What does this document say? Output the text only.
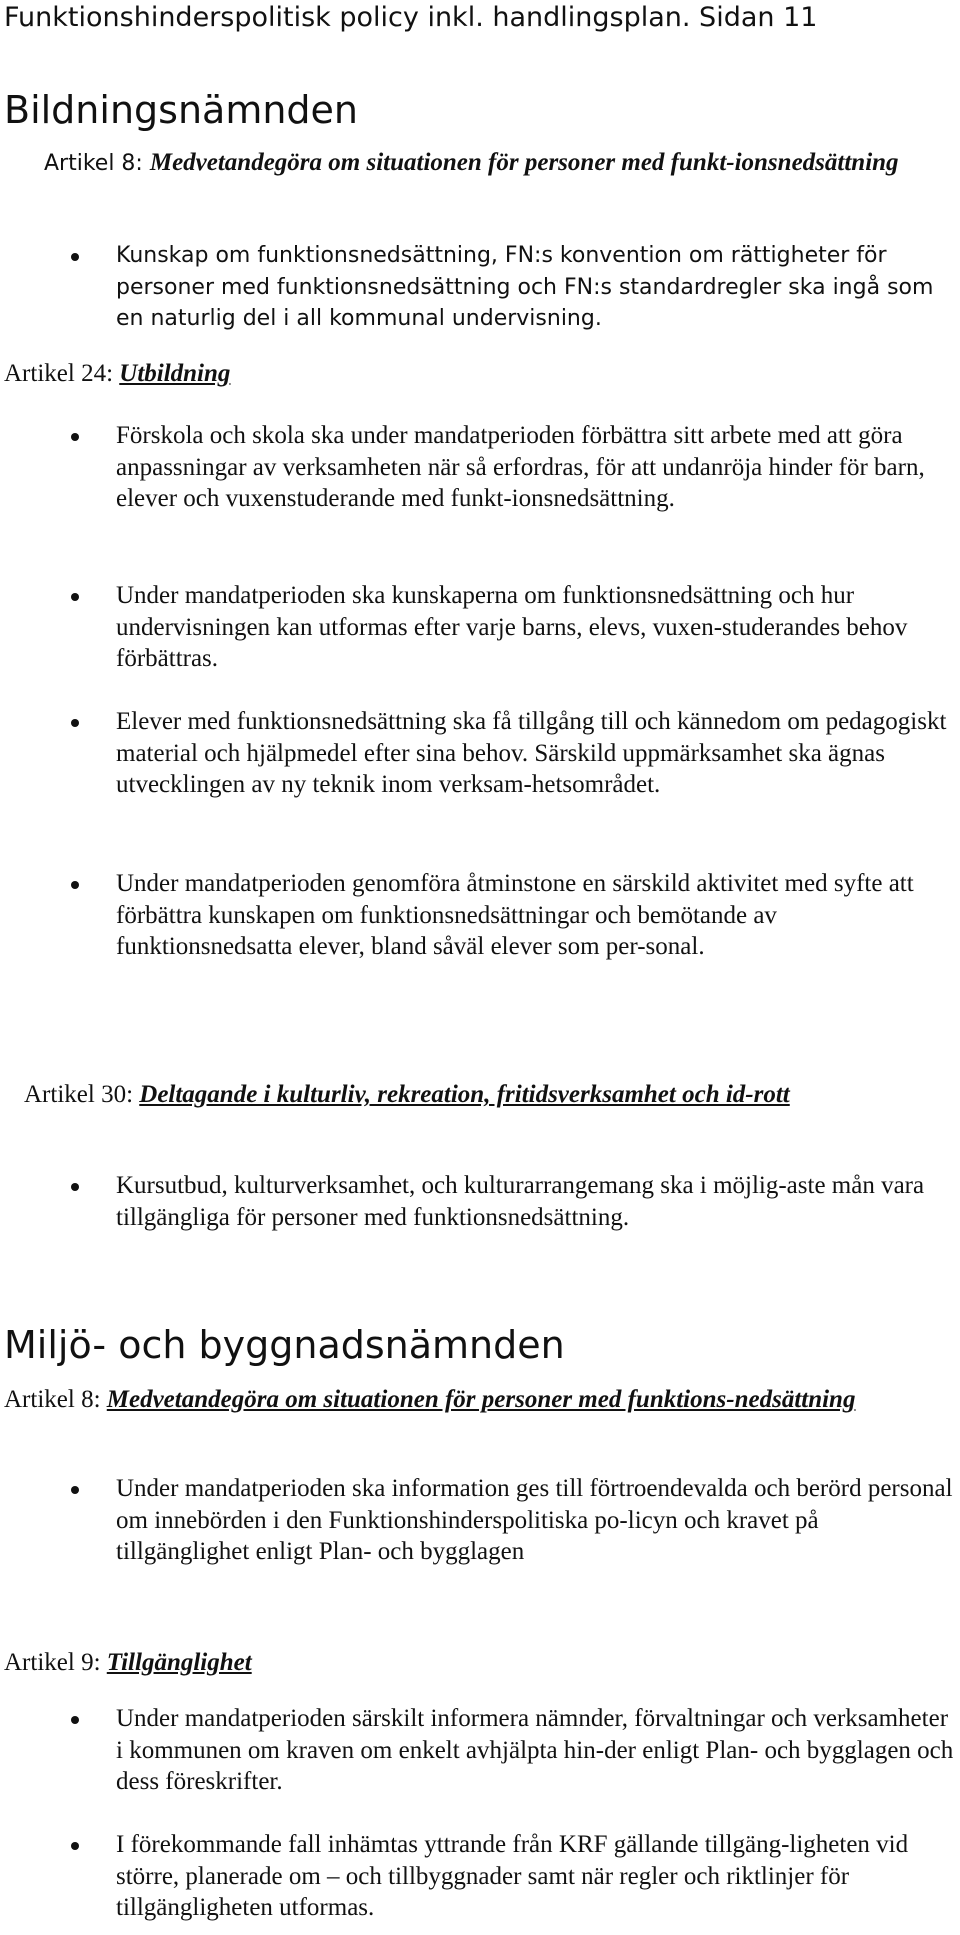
Funktionshinderspolitisk policy inkl. handlingsplan. Sidan 11
Bildningsnämnden
Artikel 8: Medvetandegöra om situationen för personer med funkt-ionsnedsättning
Kunskap om funktionsnedsättning, FN:s konvention om rättigheter för personer med funktionsnedsättning och FN:s standardregler ska ingå som en naturlig del i all kommunal undervisning.
Artikel 24: Utbildning
Förskola och skola ska under mandatperioden förbättra sitt arbete med att göra anpassningar av verksamheten när så erfordras, för att undanröja hinder för barn, elever och vuxenstuderande med funkt-ionsnedsättning.
Under mandatperioden ska kunskaperna om funktionsnedsättning och hur undervisningen kan utformas efter varje barns, elevs, vuxen-studerandes behov förbättras.
Elever med funktionsnedsättning ska få tillgång till och kännedom om pedagogiskt material och hjälpmedel efter sina behov. Särskild uppmärksamhet ska ägnas utvecklingen av ny teknik inom verksam-hetsområdet.
Under mandatperioden genomföra åtminstone en särskild aktivitet med syfte att förbättra kunskapen om funktionsnedsättningar och bemötande av funktionsnedsatta elever, bland såväl elever som per-sonal.
Artikel 30: Deltagande i kulturliv, rekreation, fritidsverksamhet och id-rott
Kursutbud, kulturverksamhet, och kulturarrangemang ska i möjlig-aste mån vara tillgängliga för personer med funktionsnedsättning.
Miljö- och byggnadsnämnden
Artikel 8: Medvetandegöra om situationen för personer med funktions-nedsättning
Under mandatperioden ska information ges till förtroendevalda och berörd personal om innebörden i den Funktionshinderspolitiska po-licyn och kravet på tillgänglighet enligt Plan- och bygglagen
Artikel 9: Tillgänglighet
Under mandatperioden särskilt informera nämnder, förvaltningar och verksamheter i kommunen om kraven om enkelt avhjälpta hin-der enligt Plan- och bygglagen och dess föreskrifter.
I förekommande fall inhämtas yttrande från KRF gällande tillgäng-ligheten vid större, planerade om – och tillbyggnader samt när regler och riktlinjer för tillgängligheten utformas.
